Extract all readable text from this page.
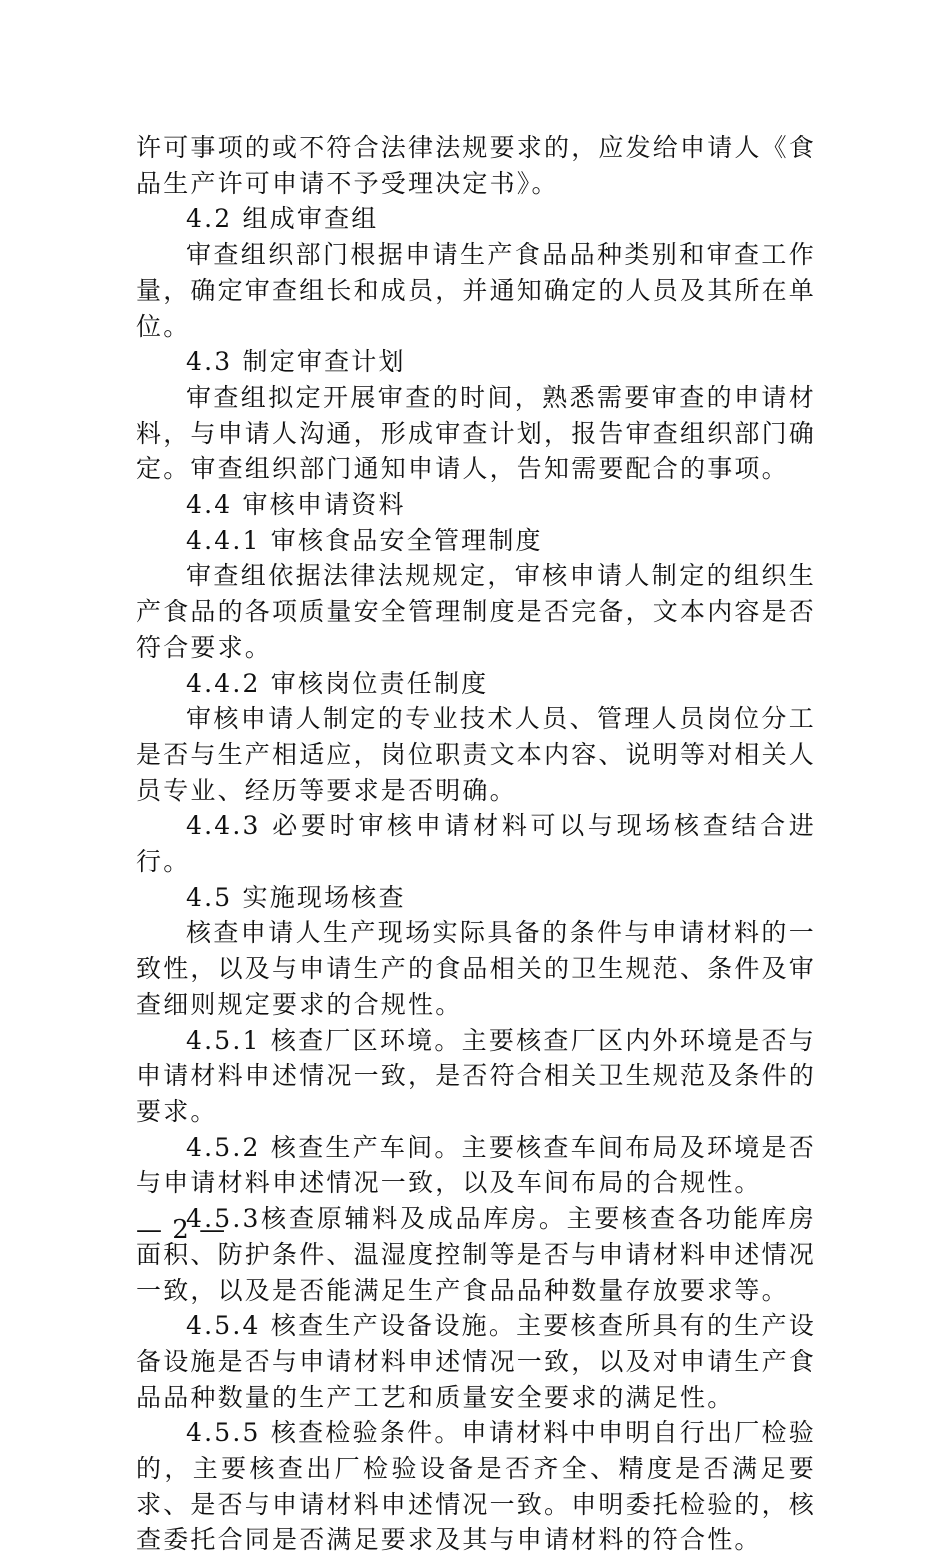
许可事项的或不符合法律法规要求的，应发给申请人《食品生产许可申请不予受理决定书》。

4.2 组成审查组

审查组织部门根据申请生产食品品种类别和审查工作量，确定审查组长和成员，并通知确定的人员及其所在单位。

4.3 制定审查计划

审查组拟定开展审查的时间，熟悉需要审查的申请材料，与申请人沟通，形成审查计划，报告审查组织部门确定。审查组织部门通知申请人，告知需要配合的事项。

4.4 审核申请资料

4.4.1 审核食品安全管理制度

审查组依据法律法规规定，审核申请人制定的组织生产食品的各项质量安全管理制度是否完备，文本内容是否符合要求。

4.4.2 审核岗位责任制度

审核申请人制定的专业技术人员、管理人员岗位分工是否与生产相适应，岗位职责文本内容、说明等对相关人员专业、经历等要求是否明确。

4.4.3 必要时审核申请材料可以与现场核查结合进行。

4.5 实施现场核查

核查申请人生产现场实际具备的条件与申请材料的一致性，以及与申请生产的食品相关的卫生规范、条件及审查细则规定要求的合规性。

4.5.1 核查厂区环境。主要核查厂区内外环境是否与申请材料申述情况一致，是否符合相关卫生规范及条件的要求。

4.5.2 核查生产车间。主要核查车间布局及环境是否与申请材料申述情况一致，以及车间布局的合规性。

4.5.3核查原辅料及成品库房。主要核查各功能库房面积、防护条件、温湿度控制等是否与申请材料申述情况一致，以及是否能满足生产食品品种数量存放要求等。

4.5.4 核查生产设备设施。主要核查所具有的生产设备设施是否与申请材料申述情况一致，以及对申请生产食品品种数量的生产工艺和质量安全要求的满足性。

4.5.5 核查检验条件。申请材料中申明自行出厂检验的，主要核查出厂检验设备是否齐全、精度是否满足要求、是否与申请材料申述情况一致。申明委托检验的，核查委托合同是否满足要求及其与申请材料的符合性。

— 2 —
